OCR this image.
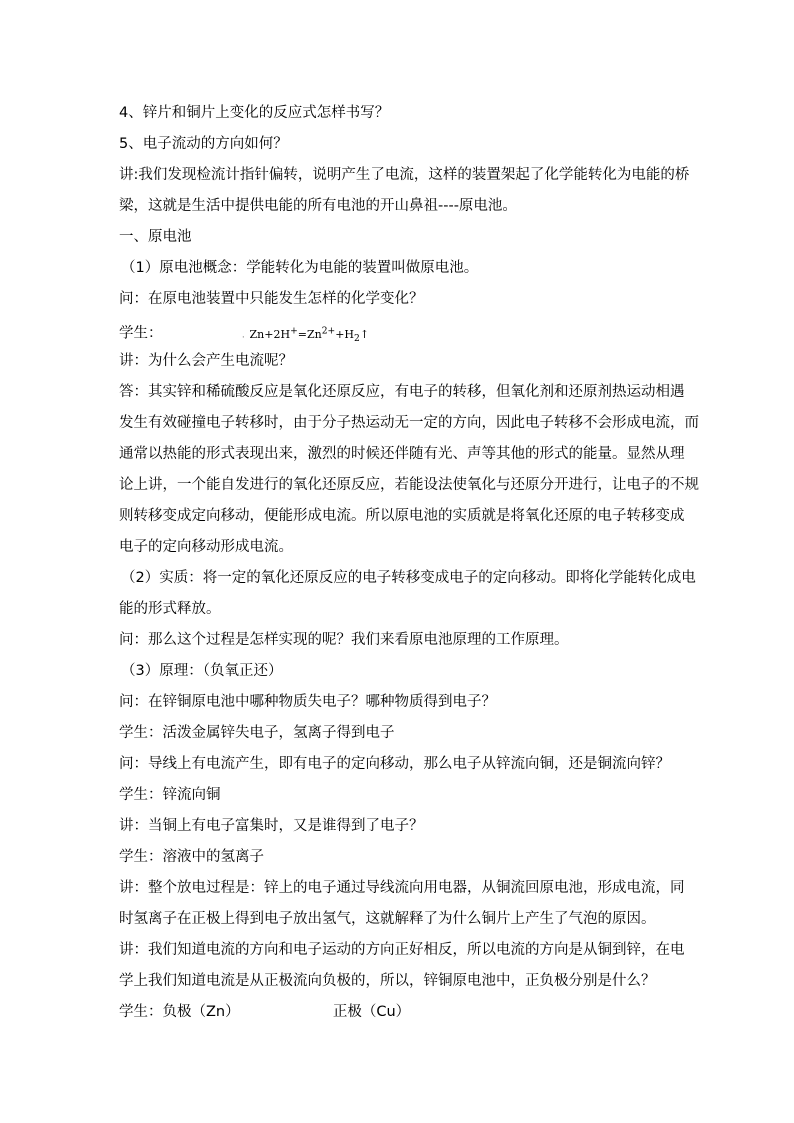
4、锌片和铜片上变化的反应式怎样书写？
5、电子流动的方向如何？
讲:我们发现检流计指针偏转，说明产生了电流，这样的装置架起了化学能转化为电能的桥
梁，这就是生活中提供电能的所有电池的开山鼻祖----原电池。
一、原电池
（1）原电池概念：学能转化为电能的装置叫做原电池。
问：在原电池装置中只能发生怎样的化学变化？
学生：	. $Zn+2H^+=Zn^{2+}+H_2↑$
讲：为什么会产生电流呢？
答：其实锌和稀硫酸反应是氧化还原反应，有电子的转移，但氧化剂和还原剂热运动相遇
发生有效碰撞电子转移时，由于分子热运动无一定的方向，因此电子转移不会形成电流，而
通常以热能的形式表现出来，激烈的时候还伴随有光、声等其他的形式的能量。显然从理
论上讲，一个能自发进行的氧化还原反应，若能设法使氧化与还原分开进行，让电子的不规
则转移变成定向移动，便能形成电流。所以原电池的实质就是将氧化还原的电子转移变成
电子的定向移动形成电流。
（2）实质：将一定的氧化还原反应的电子转移变成电子的定向移动。即将化学能转化成电
能的形式释放。
问：那么这个过程是怎样实现的呢？我们来看原电池原理的工作原理。
（3）原理：（负氧正还）
问：在锌铜原电池中哪种物质失电子？哪种物质得到电子？
学生：活泼金属锌失电子，氢离子得到电子
问：导线上有电流产生，即有电子的定向移动，那么电子从锌流向铜，还是铜流向锌？
学生：锌流向铜
讲：当铜上有电子富集时，又是谁得到了电子？
学生：溶液中的氢离子
讲：整个放电过程是：锌上的电子通过导线流向用电器，从铜流回原电池，形成电流，同
时氢离子在正极上得到电子放出氢气，这就解释了为什么铜片上产生了气泡的原因。
讲：我们知道电流的方向和电子运动的方向正好相反，所以电流的方向是从铜到锌，在电
学上我们知道电流是从正极流向负极的，所以，锌铜原电池中，正负极分别是什么？
学生：负极（Zn）	正极（Cu）
